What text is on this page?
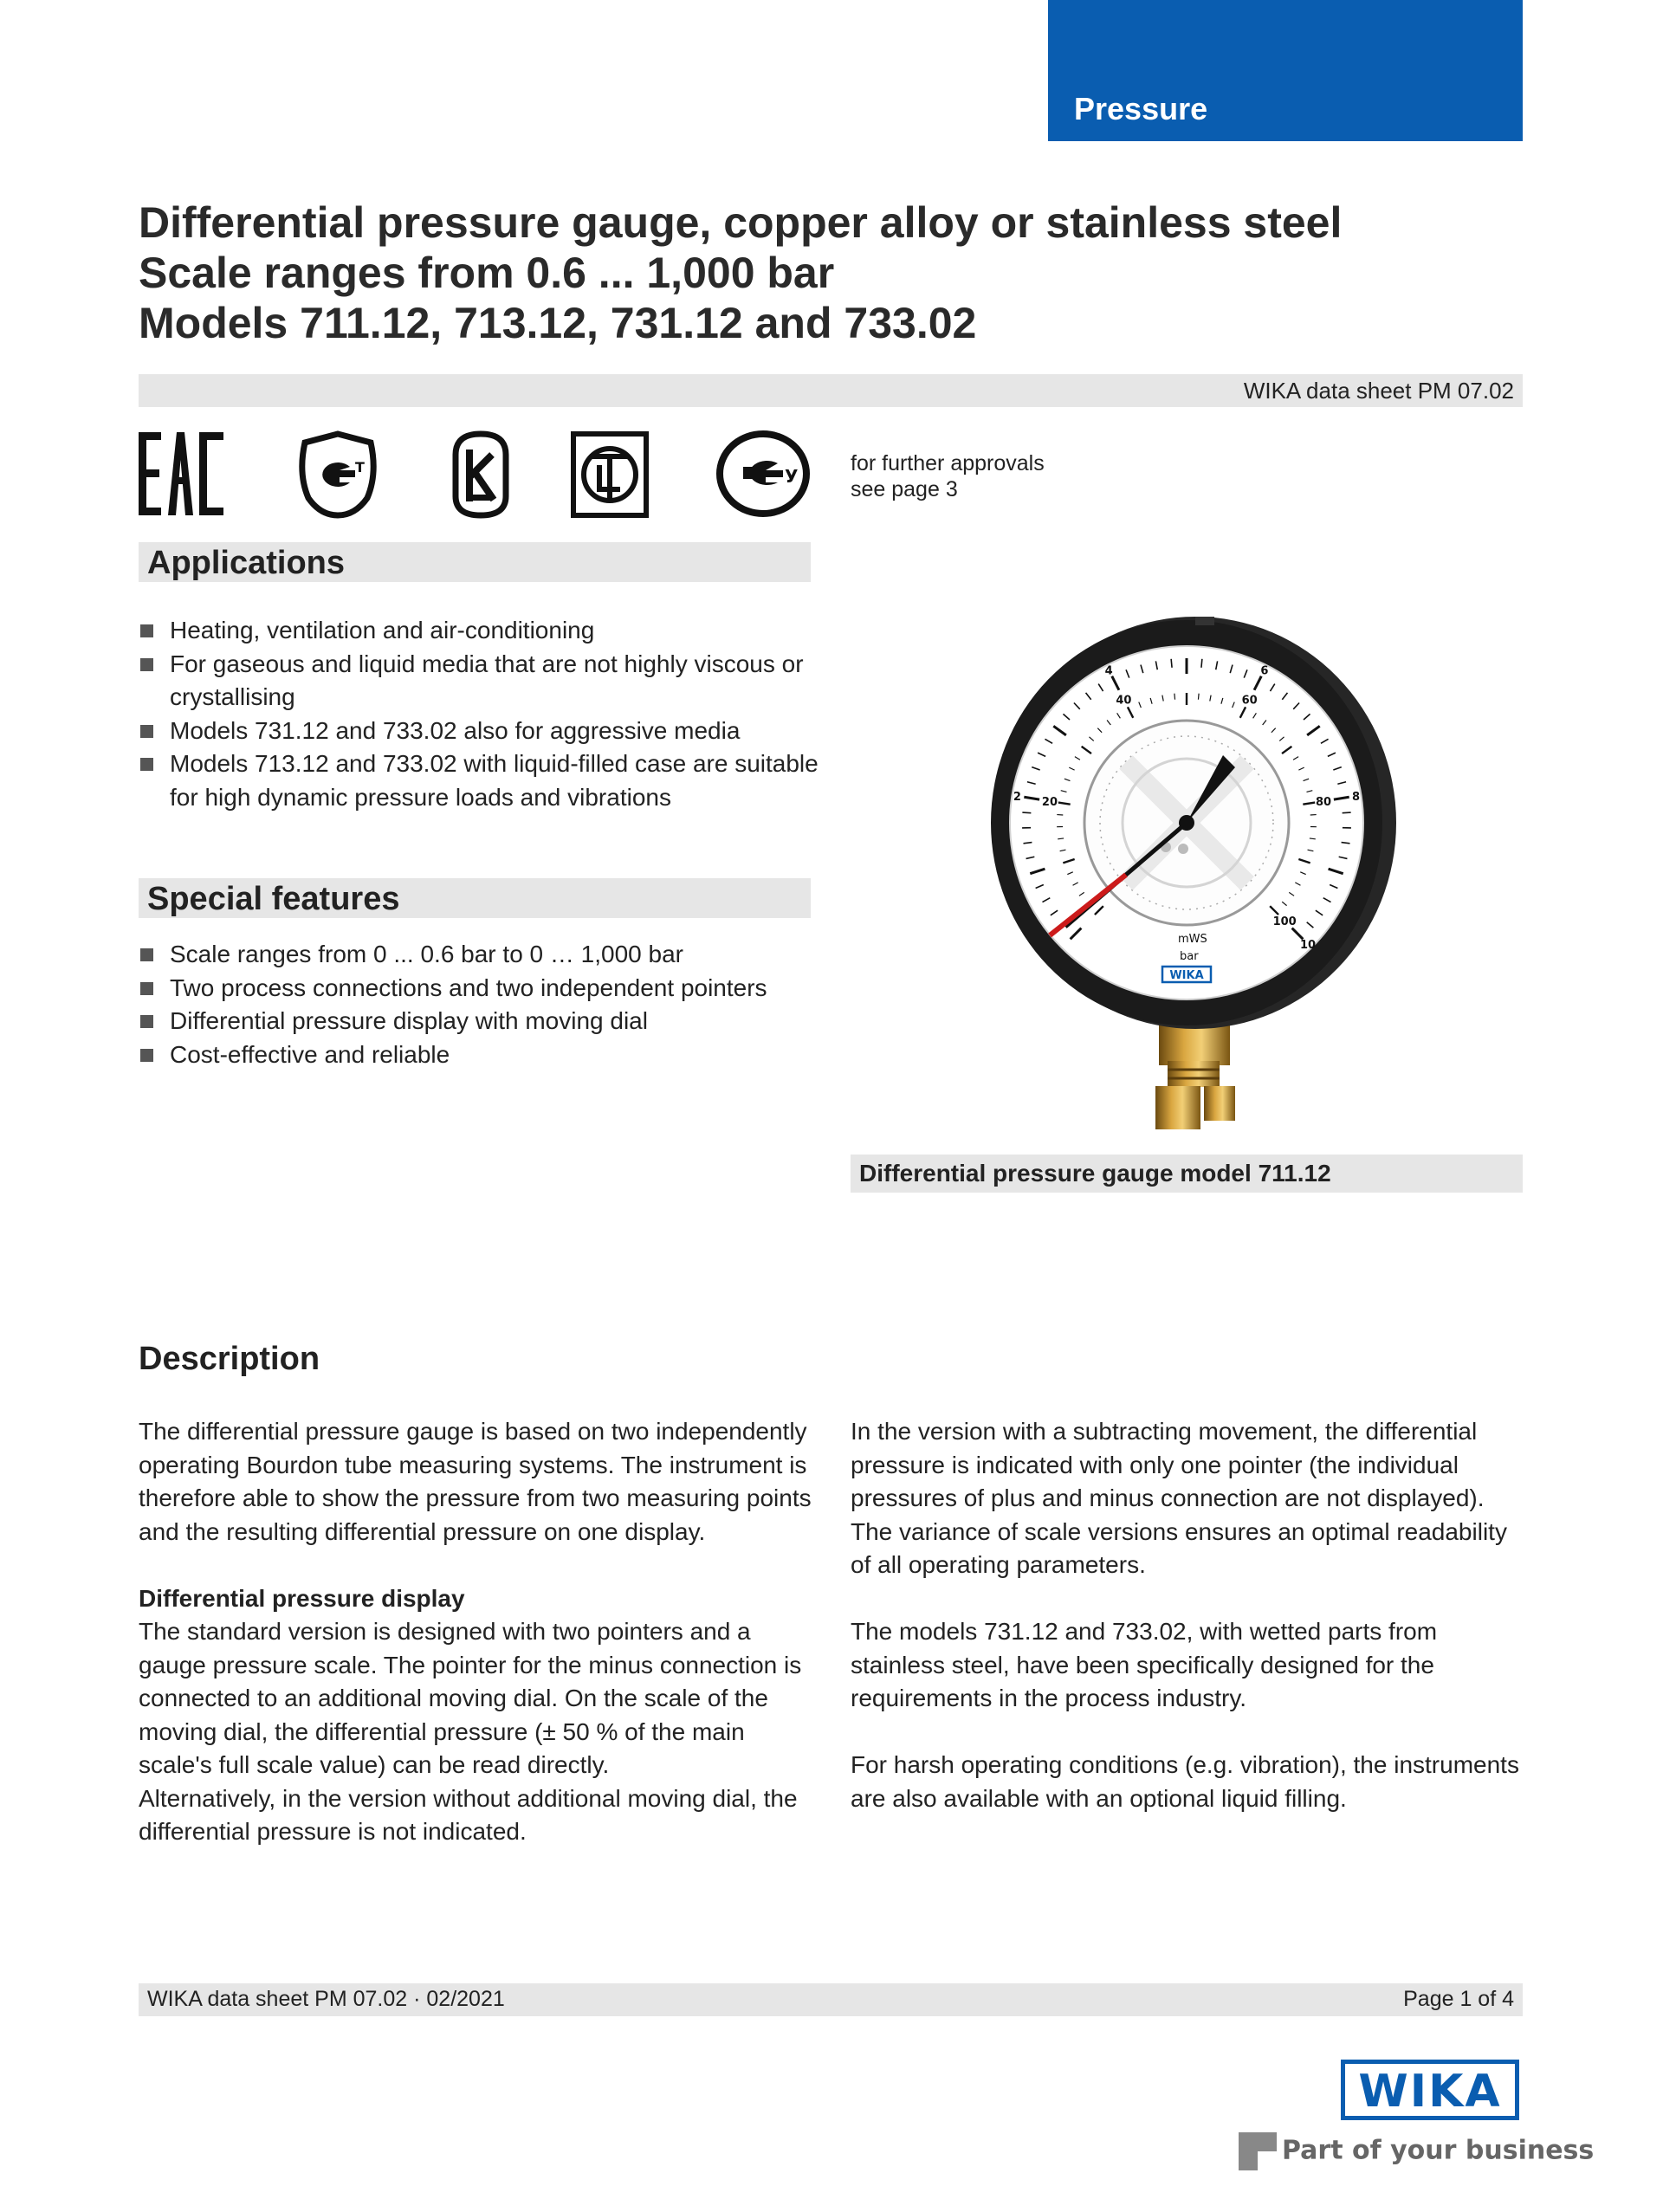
Pressure
Differential pressure gauge, copper alloy or stainless steel
Scale ranges from 0.6 ... 1,000 bar
Models 711.12, 713.12, 731.12 and 733.02
WIKA data sheet PM 07.02
Т	У
for further approvals
see page 3
Applications
Heating, ventilation and air-conditioning
For gaseous and liquid media that are not highly viscous or crystallising
Models 731.12 and 733.02 also for aggressive media
Models 713.12 and 733.02 with liquid-filled case are suitable for high dynamic pressure loads and vibrations
Special features
Scale ranges from 0 ... 0.6 bar to 0 … 1,000 bar
Two process connections and two independent pointers
Differential pressure display with moving dial
Cost-effective and reliable
2
4	6
8
10
20
40	60
80
100
mWS
bar
WIKA
Differential pressure gauge model 711.12
Description

The differential pressure gauge is based on two independently operating Bourdon tube measuring systems. The instrument is therefore able to show the pressure from two measuring points and the resulting differential pressure on one display.

Differential pressure display
The standard version is designed with two pointers and a gauge pressure scale. The pointer for the minus connection is connected to an additional moving dial. On the scale of the moving dial, the differential pressure (± 50 % of the main scale's full scale value) can be read directly.
Alternatively, in the version without additional moving dial, the differential pressure is not indicated.

In the version with a subtracting movement, the differential pressure is indicated with only one pointer (the individual pressures of plus and minus connection are not displayed). The variance of scale versions ensures an optimal readability of all operating parameters.

The models 731.12 and 733.02, with wetted parts from stainless steel, have been specifically designed for the requirements in the process industry.

For harsh operating conditions (e.g. vibration), the instruments are also available with an optional liquid filling.

WIKA data sheet PM 07.02 · 02/2021	Page 1 of 4
WIKA
Part of your business
